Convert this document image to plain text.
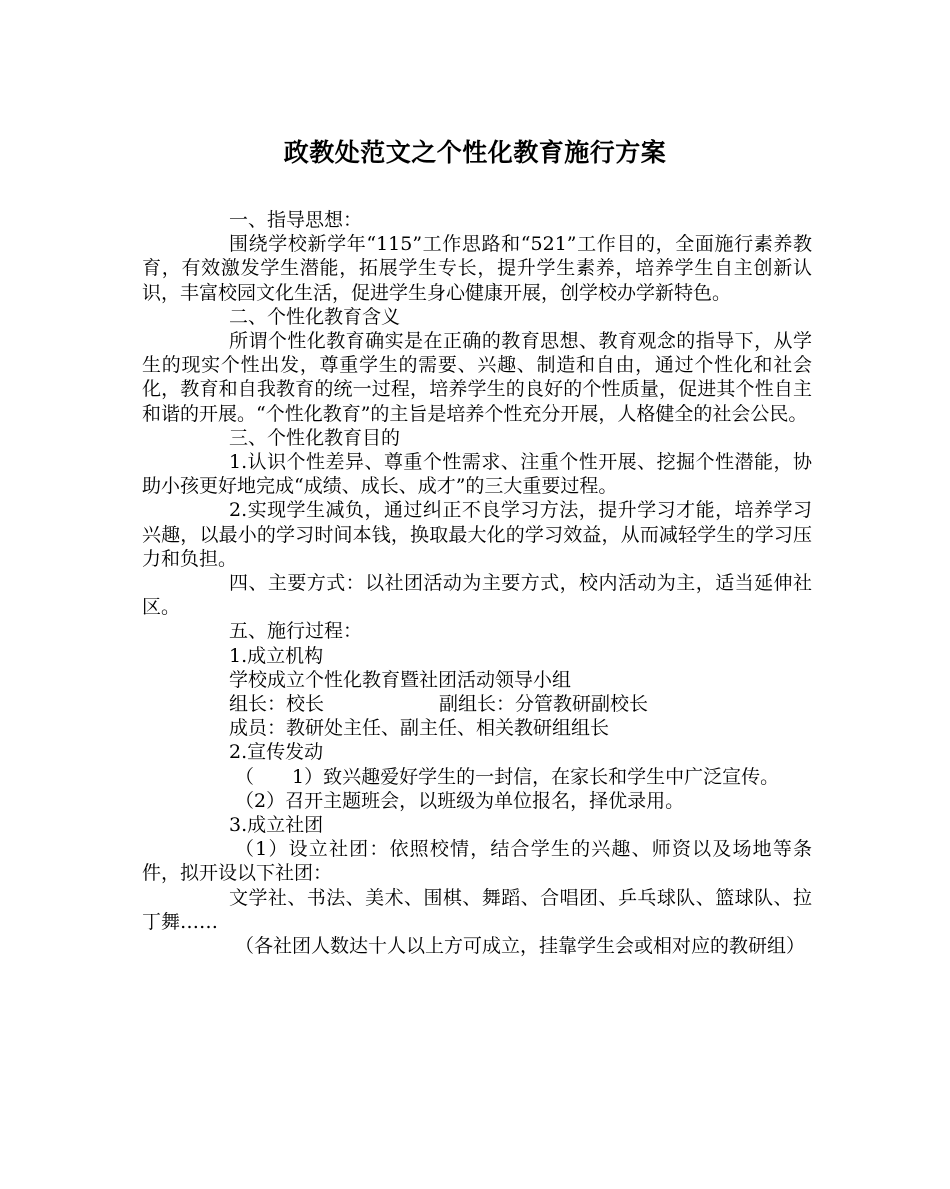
政教处范文之个性化教育施行方案

一、指导思想：

围绕学校新学年“115”工作思路和“521”工作目的，全面施行素养教育，有效激发学生潜能，拓展学生专长，提升学生素养，培养学生自主创新认识，丰富校园文化生活，促进学生身心健康开展，创学校办学新特色。

二、个性化教育含义

所谓个性化教育确实是在正确的教育思想、教育观念的指导下，从学生的现实个性出发，尊重学生的需要、兴趣、制造和自由，通过个性化和社会化，教育和自我教育的统一过程，培养学生的良好的个性质量，促进其个性自主和谐的开展。“个性化教育”的主旨是培养个性充分开展，人格健全的社会公民。

三、个性化教育目的

1.认识个性差异、尊重个性需求、注重个性开展、挖掘个性潜能，协助小孩更好地完成“成绩、成长、成才”的三大重要过程。

2.实现学生减负，通过纠正不良学习方法，提升学习才能，培养学习兴趣，以最小的学习时间本钱，换取最大化的学习效益，从而减轻学生的学习压力和负担。

四、主要方式：以社团活动为主要方式，校内活动为主，适当延伸社区。

五、施行过程：

1.成立机构

学校成立个性化教育暨社团活动领导小组

组长：校长	副组长：分管教研副校长

成员：教研处主任、副主任、相关教研组组长

2.宣传发动

（　　1）致兴趣爱好学生的一封信，在家长和学生中广泛宣传。

（2）召开主题班会，以班级为单位报名，择优录用。

3.成立社团

（1）设立社团：依照校情，结合学生的兴趣、师资以及场地等条件，拟开设以下社团：

文学社、书法、美术、围棋、舞蹈、合唱团、乒乓球队、篮球队、拉丁舞……

（各社团人数达十人以上方可成立，挂靠学生会或相对应的教研组）
